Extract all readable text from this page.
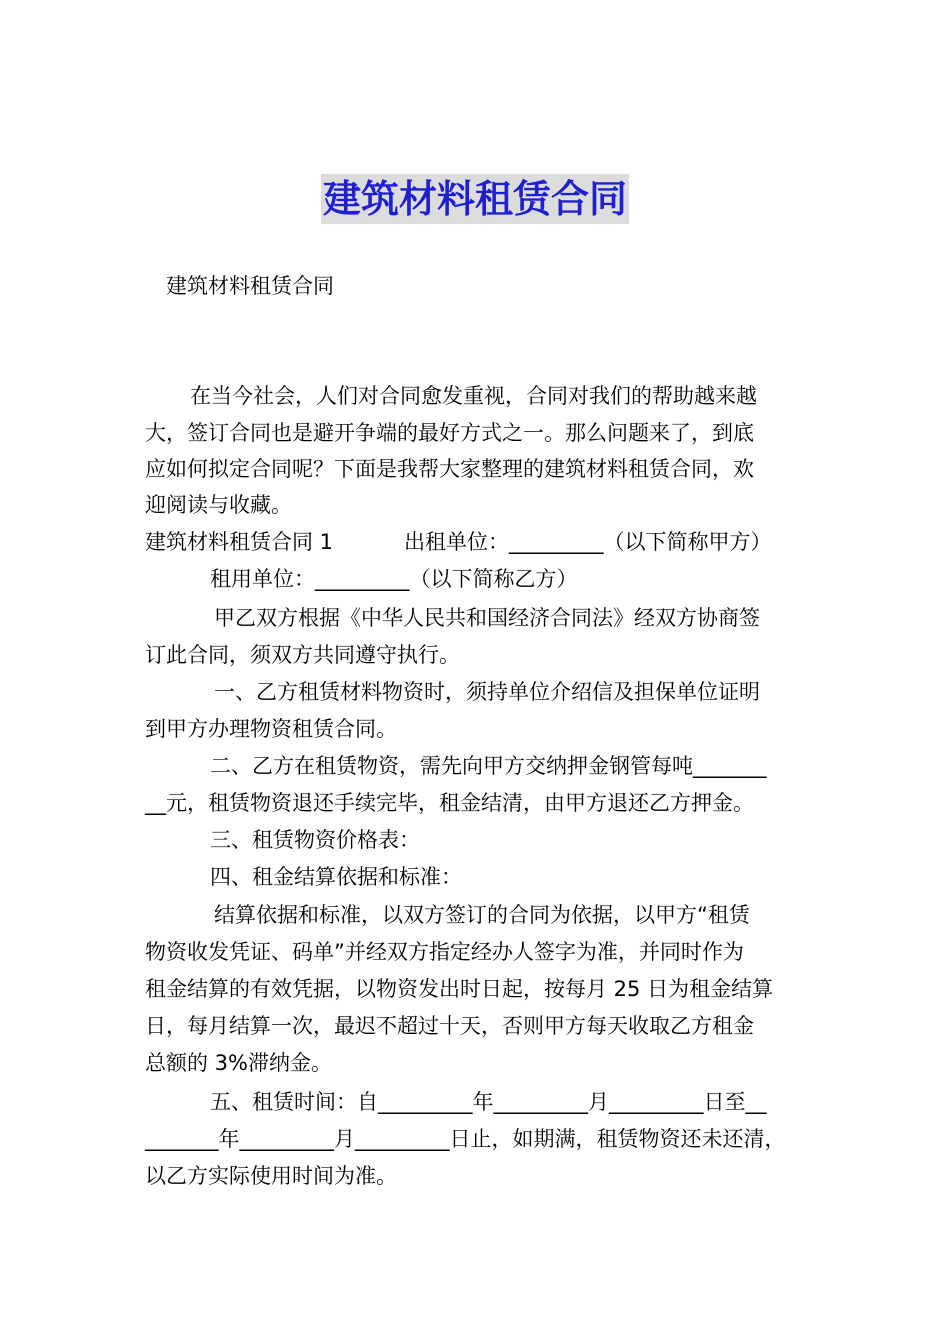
建筑材料租赁合同
建筑材料租赁合同
在当今社会，人们对合同愈发重视，合同对我们的帮助越来越
大，签订合同也是避开争端的最好方式之一。那么问题来了，到底
应如何拟定合同呢？下面是我帮大家整理的建筑材料租赁合同，欢
迎阅读与收藏。
建筑材料租赁合同 1	出租单位：_________（以下简称甲方）
租用单位：_________（以下简称乙方）
甲乙双方根据《中华人民共和国经济合同法》经双方协商签
订此合同，须双方共同遵守执行。
一、乙方租赁材料物资时，须持单位介绍信及担保单位证明
到甲方办理物资租赁合同。
二、乙方在租赁物资，需先向甲方交纳押金钢管每吨_______
__元，租赁物资退还手续完毕，租金结清，由甲方退还乙方押金。
三、租赁物资价格表：
四、租金结算依据和标准：
结算依据和标准，以双方签订的合同为依据，以甲方“租赁
物资收发凭证、码单”并经双方指定经办人签字为准，并同时作为
租金结算的有效凭据，以物资发出时日起，按每月 25 日为租金结算
日，每月结算一次，最迟不超过十天，否则甲方每天收取乙方租金
总额的 3%滞纳金。
五、租赁时间：自_________年_________月_________日至__
_______年_________月_________日止，如期满，租赁物资还未还清，
以乙方实际使用时间为准。
